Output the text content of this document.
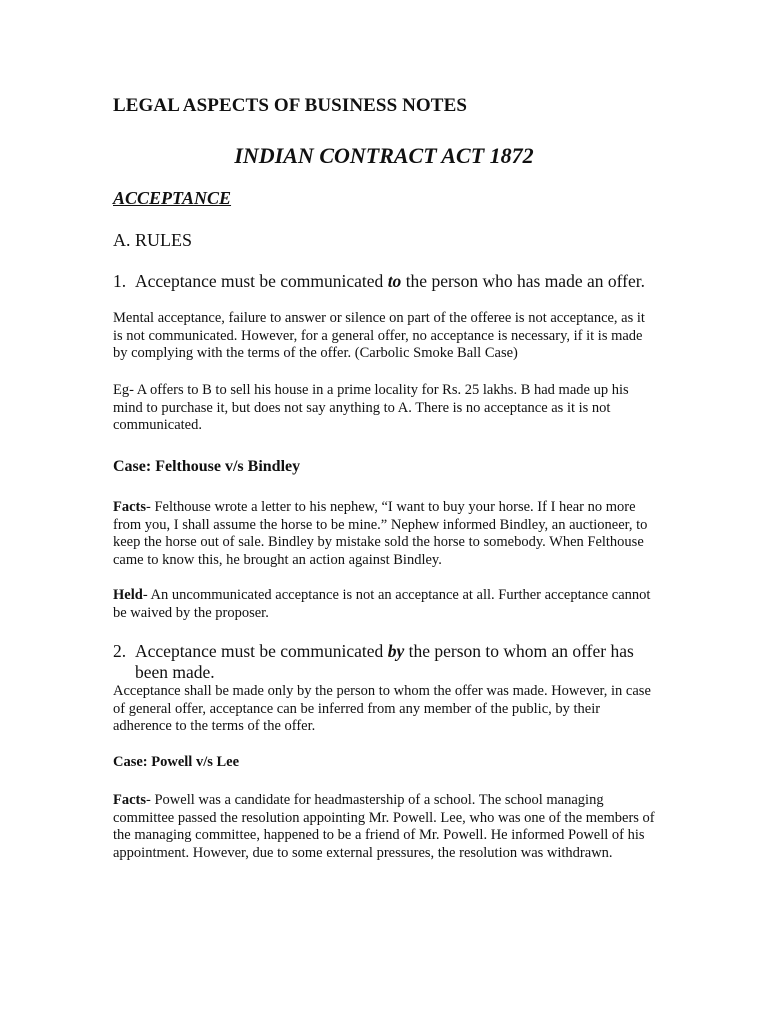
LEGAL ASPECTS OF BUSINESS NOTES
INDIAN CONTRACT ACT 1872
ACCEPTANCE
A. RULES
1. Acceptance must be communicated to the person who has made an offer.

Mental acceptance, failure to answer or silence on part of the offeree is not acceptance, as it is not communicated. However, for a general offer, no acceptance is necessary, if it is made by complying with the terms of the offer. (Carbolic Smoke Ball Case)

Eg- A offers to B to sell his house in a prime locality for Rs. 25 lakhs. B had made up his mind to purchase it, but does not say anything to A. There is no acceptance as it is not communicated.

Case: Felthouse v/s Bindley

Facts- Felthouse wrote a letter to his nephew, “I want to buy your horse. If I hear no more from you, I shall assume the horse to be mine.” Nephew informed Bindley, an auctioneer, to keep the horse out of sale. Bindley by mistake sold the horse to somebody. When Felthouse came to know this, he brought an action against Bindley.

Held- An uncommunicated acceptance is not an acceptance at all. Further acceptance cannot be waived by the proposer.

2. Acceptance must be communicated by the person to whom an offer has been made.

Acceptance shall be made only by the person to whom the offer was made. However, in case of general offer, acceptance can be inferred from any member of the public, by their adherence to the terms of the offer.

Case: Powell v/s Lee

Facts- Powell was a candidate for headmastership of a school. The school managing committee passed the resolution appointing Mr. Powell. Lee, who was one of the members of the managing committee, happened to be a friend of Mr. Powell. He informed Powell of his appointment. However, due to some external pressures, the resolution was withdrawn.
